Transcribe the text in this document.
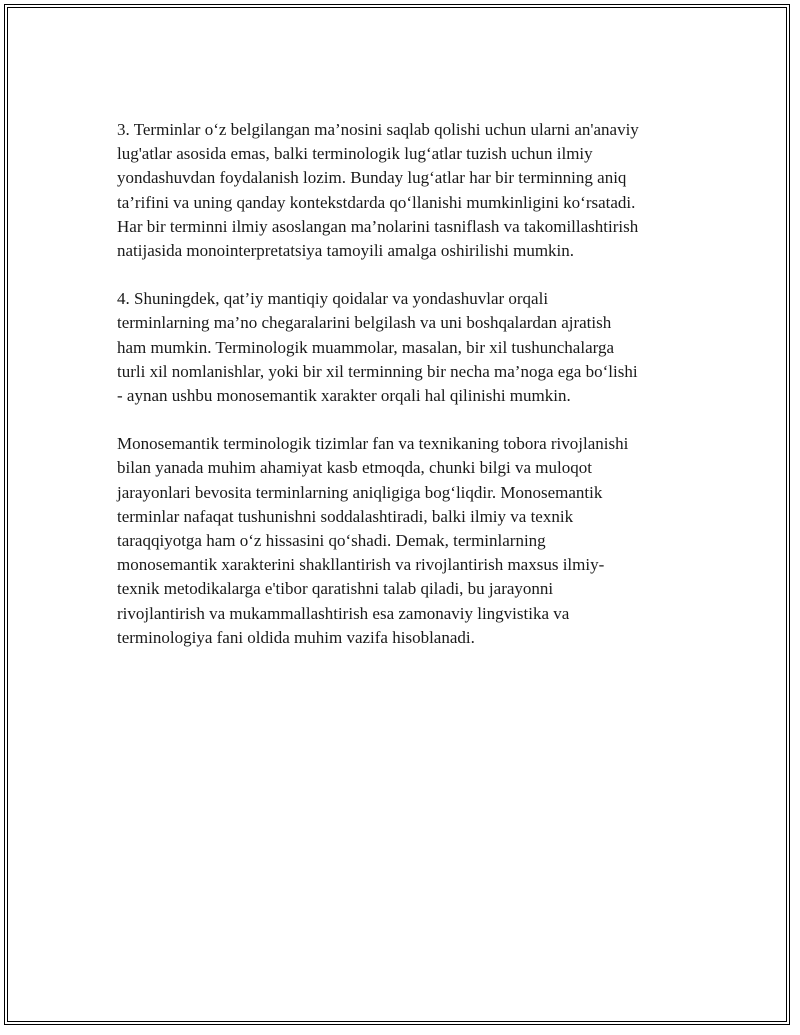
3. Terminlar o‘z belgilangan ma’nosini saqlab qolishi uchun ularni an'anaviy
lug'atlar asosida emas, balki terminologik lug‘atlar tuzish uchun ilmiy
yondashuvdan foydalanish lozim. Bunday lug‘atlar har bir terminning aniq
ta’rifini va uning qanday kontekstdarda qo‘llanishi mumkinligini ko‘rsatadi.
Har bir terminni ilmiy asoslangan ma’nolarini tasniflash va takomillashtirish
natijasida monointerpretatsiya tamoyili amalga oshirilishi mumkin.

4. Shuningdek, qat’iy mantiqiy qoidalar va yondashuvlar orqali
terminlarning ma’no chegaralarini belgilash va uni boshqalardan ajratish
ham mumkin. Terminologik muammolar, masalan, bir xil tushunchalarga
turli xil nomlanishlar, yoki bir xil terminning bir necha ma’noga ega bo‘lishi
- aynan ushbu monosemantik xarakter orqali hal qilinishi mumkin.

Monosemantik terminologik tizimlar fan va texnikaning tobora rivojlanishi
bilan yanada muhim ahamiyat kasb etmoqda, chunki bilgi va muloqot
jarayonlari bevosita terminlarning aniqligiga bog‘liqdir. Monosemantik
terminlar nafaqat tushunishni soddalashtiradi, balki ilmiy va texnik
taraqqiyotga ham o‘z hissasini qo‘shadi. Demak, terminlarning
monosemantik xarakterini shakllantirish va rivojlantirish maxsus ilmiy-
texnik metodikalarga e'tibor qaratishni talab qiladi, bu jarayonni
rivojlantirish va mukammallashtirish esa zamonaviy lingvistika va
terminologiya fani oldida muhim vazifa hisoblanadi.
